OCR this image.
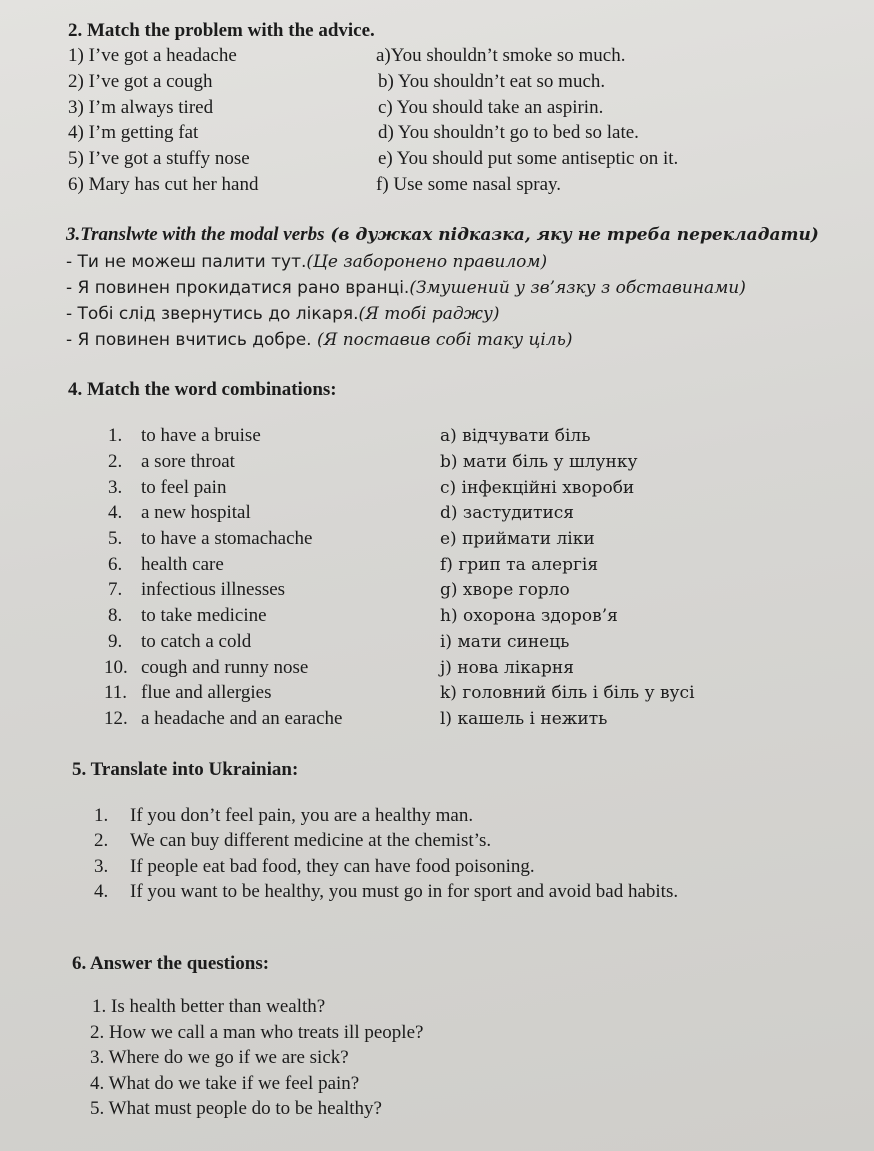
2. Match the problem with the advice.
1) I’ve got a headache	a)You shouldn’t smoke so much.
2) I’ve got a cough	b) You shouldn’t eat so much.
3) I’m always tired	c) You should take an aspirin.
4) I’m getting fat	d) You shouldn’t go to bed so late.
5) I’ve got a stuffy nose	e) You should put some antiseptic on it.
6) Mary has cut her hand	f) Use some nasal spray.
3.Translwte with the modal verbs (в дужках підказка, яку не треба перекладати)
- Ти не можеш палити тут.(Це заборонено правилом)
- Я повинен прокидатися рано вранці.(Змушений у зв’язку з обставинами)
- Тобі слід звернутись до лікаря.(Я тобі раджу)
- Я повинен вчитись добре. (Я поставив собі таку ціль)
4. Match the word combinations:
1. to have a bruise	a) відчувати біль
2. a sore throat	b) мати біль у шлунку
3. to feel pain	c) інфекційні хвороби
4. a new hospital	d) застудитися
5. to have a stomachache	e) приймати ліки
6. health care	f) грип та алергія
7. infectious illnesses	g) хворе горло
8. to take medicine	h) охорона здоров’я
9. to catch a cold	i) мати синець
10. cough and runny nose	j) нова лікарня
11. flue and allergies	k) головний біль і біль у вусі
12. a headache and an earache	l) кашель і нежить
5. Translate into Ukrainian:
1. If you don’t feel pain, you are a healthy man.
2. We can buy different medicine at the chemist’s.
3. If people eat bad food, they can have food poisoning.
4. If you want to be healthy, you must go in for sport and avoid bad habits.
6. Answer the questions:
1. Is health better than wealth?
2. How we call a man who treats ill people?
3. Where do we go if we are sick?
4. What do we take if we feel pain?
5. What must people do to be healthy?
